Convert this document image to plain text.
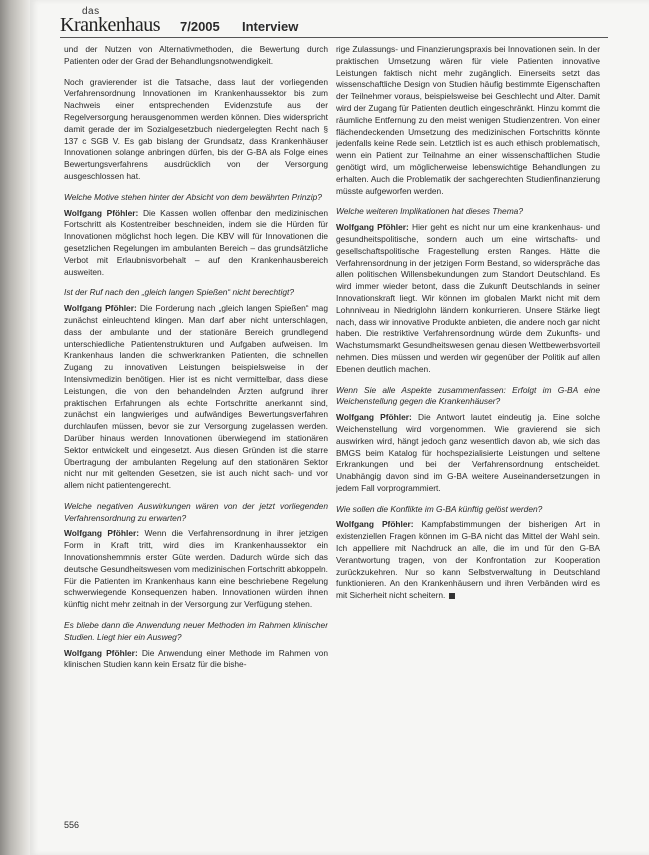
das
Krankenhaus 7/2005 Interview

und der Nutzen von Alternativmethoden, die Bewertung durch Patienten oder der Grad der Behandlungsnotwendigkeit.

Noch gravierender ist die Tatsache, dass laut der vorliegenden Verfahrensordnung Innovationen im Krankenhaussektor bis zum Nachweis einer entsprechenden Evidenzstufe aus der Regelversorgung herausgenommen werden können. Dies widerspricht damit gerade der im Sozialgesetzbuch niedergelegten Recht nach § 137 c SGB V. Es gab bislang der Grundsatz, dass Krankenhäuser Innovationen solange anbringen dürfen, bis der G-BA als Folge eines Bewertungsverfahrens ausdrücklich von der Versorgung ausgeschlossen hat.

Welche Motive stehen hinter der Absicht von dem bewährten Prinzip?

Wolfgang Pföhler: Die Kassen wollen offenbar den medizinischen Fortschritt als Kostentreiber beschneiden, indem sie die Hürden für Innovationen möglichst hoch legen. Die KBV will für Innovationen die gesetzlichen Regelungen im ambulanten Bereich – das grundsätzliche Verbot mit Erlaubnisvorbehalt – auf den Krankenhausbereich ausweiten.

Ist der Ruf nach den „gleich langen Spießen“ nicht berechtigt?

Wolfgang Pföhler: Die Forderung nach „gleich langen Spießen“ mag zunächst einleuchtend klingen. Man darf aber nicht unterschlagen, dass der ambulante und der stationäre Bereich grundlegend unterschiedliche Patientenstrukturen und Aufgaben aufweisen. Im Krankenhaus landen die schwerkranken Patienten, die schnellen Zugang zu innovativen Leistungen beispielsweise in der Intensivmedizin benötigen. Hier ist es nicht vermittelbar, dass diese Leistungen, die von den behandelnden Ärzten aufgrund ihrer praktischen Erfahrungen als echte Fortschritte anerkannt sind, zunächst ein langwieriges und aufwändiges Bewertungsverfahren durchlaufen müssen, bevor sie zur Versorgung zugelassen werden. Darüber hinaus werden Innovationen überwiegend im stationären Sektor entwickelt und eingesetzt. Aus diesen Gründen ist die starre Übertragung der ambulanten Regelung auf den stationären Sektor nicht nur mit geltenden Gesetzen, sie ist auch nicht sach- und vor allem nicht patientengerecht.

Welche negativen Auswirkungen wären von der jetzt vorliegenden Verfahrensordnung zu erwarten?

Wolfgang Pföhler: Wenn die Verfahrensordnung in ihrer jetzigen Form in Kraft tritt, wird dies im Krankenhaussektor ein Innovationshemmnis erster Güte werden. Dadurch würde sich das deutsche Gesundheitswesen vom medizinischen Fortschritt abkoppeln. Für die Patienten im Krankenhaus kann eine beschriebene Regelung schwerwiegende Konsequenzen haben. Innovationen würden ihnen künftig nicht mehr zeitnah in der Versorgung zur Verfügung stehen.

Es bliebe dann die Anwendung neuer Methoden im Rahmen klinischer Studien. Liegt hier ein Ausweg?

Wolfgang Pföhler: Die Anwendung einer Methode im Rahmen von klinischen Studien kann kein Ersatz für die bishe-

rige Zulassungs- und Finanzierungspraxis bei Innovationen sein. In der praktischen Umsetzung wären für viele Patienten innovative Leistungen faktisch nicht mehr zugänglich. Einerseits setzt das wissenschaftliche Design von Studien häufig bestimmte Eigenschaften der Teilnehmer voraus, beispielsweise bei Geschlecht und Alter. Damit wird der Zugang für Patienten deutlich eingeschränkt. Hinzu kommt die räumliche Entfernung zu den meist wenigen Studienzentren. Von einer flächendeckenden Umsetzung des medizinischen Fortschritts könnte jedenfalls keine Rede sein. Letztlich ist es auch ethisch problematisch, wenn ein Patient zur Teilnahme an einer wissenschaftlichen Studie genötigt wird, um möglicherweise lebenswichtige Behandlungen zu erhalten. Auch die Problematik der sachgerechten Studienfinanzierung müsste aufgeworfen werden.

Welche weiteren Implikationen hat dieses Thema?

Wolfgang Pföhler: Hier geht es nicht nur um eine krankenhaus- und gesundheitspolitische, sondern auch um eine wirtschafts- und gesellschaftspolitische Fragestellung ersten Ranges. Hätte die Verfahrensordnung in der jetzigen Form Bestand, so widerspräche das allen politischen Willensbekundungen zum Standort Deutschland. Es wird immer wieder betont, dass die Zukunft Deutschlands in seiner Innovationskraft liegt. Wir können im globalen Markt nicht mit dem Lohnniveau in Niedriglohn ländern konkurrieren. Unsere Stärke liegt nach, dass wir innovative Produkte anbieten, die andere noch gar nicht haben. Die restriktive Verfahrensordnung würde dem Zukunfts- und Wachstumsmarkt Gesundheitswesen genau diesen Wettbewerbsvorteil nehmen. Dies müssen und werden wir gegenüber der Politik auf allen Ebenen deutlich machen.

Wenn Sie alle Aspekte zusammenfassen: Erfolgt im G-BA eine Weichenstellung gegen die Krankenhäuser?

Wolfgang Pföhler: Die Antwort lautet eindeutig ja. Eine solche Weichenstellung wird vorgenommen. Wie gravierend sie sich auswirken wird, hängt jedoch ganz wesentlich davon ab, wie sich das BMGS beim Katalog für hochspezialisierte Leistungen und seltene Erkrankungen und bei der Verfahrensordnung entscheidet. Unabhängig davon sind im G-BA weitere Auseinandersetzungen in jedem Fall vorprogrammiert.

Wie sollen die Konflikte im G-BA künftig gelöst werden?

Wolfgang Pföhler: Kampfabstimmungen der bisherigen Art in existenziellen Fragen können im G-BA nicht das Mittel der Wahl sein. Ich appelliere mit Nachdruck an alle, die im und für den G-BA Verantwortung tragen, von der Konfrontation zur Kooperation zurückzukehren. Nur so kann Selbstverwaltung in Deutschland funktionieren. An den Krankenhäusern und ihren Verbänden wird es mit Sicherheit nicht scheitern.

556
